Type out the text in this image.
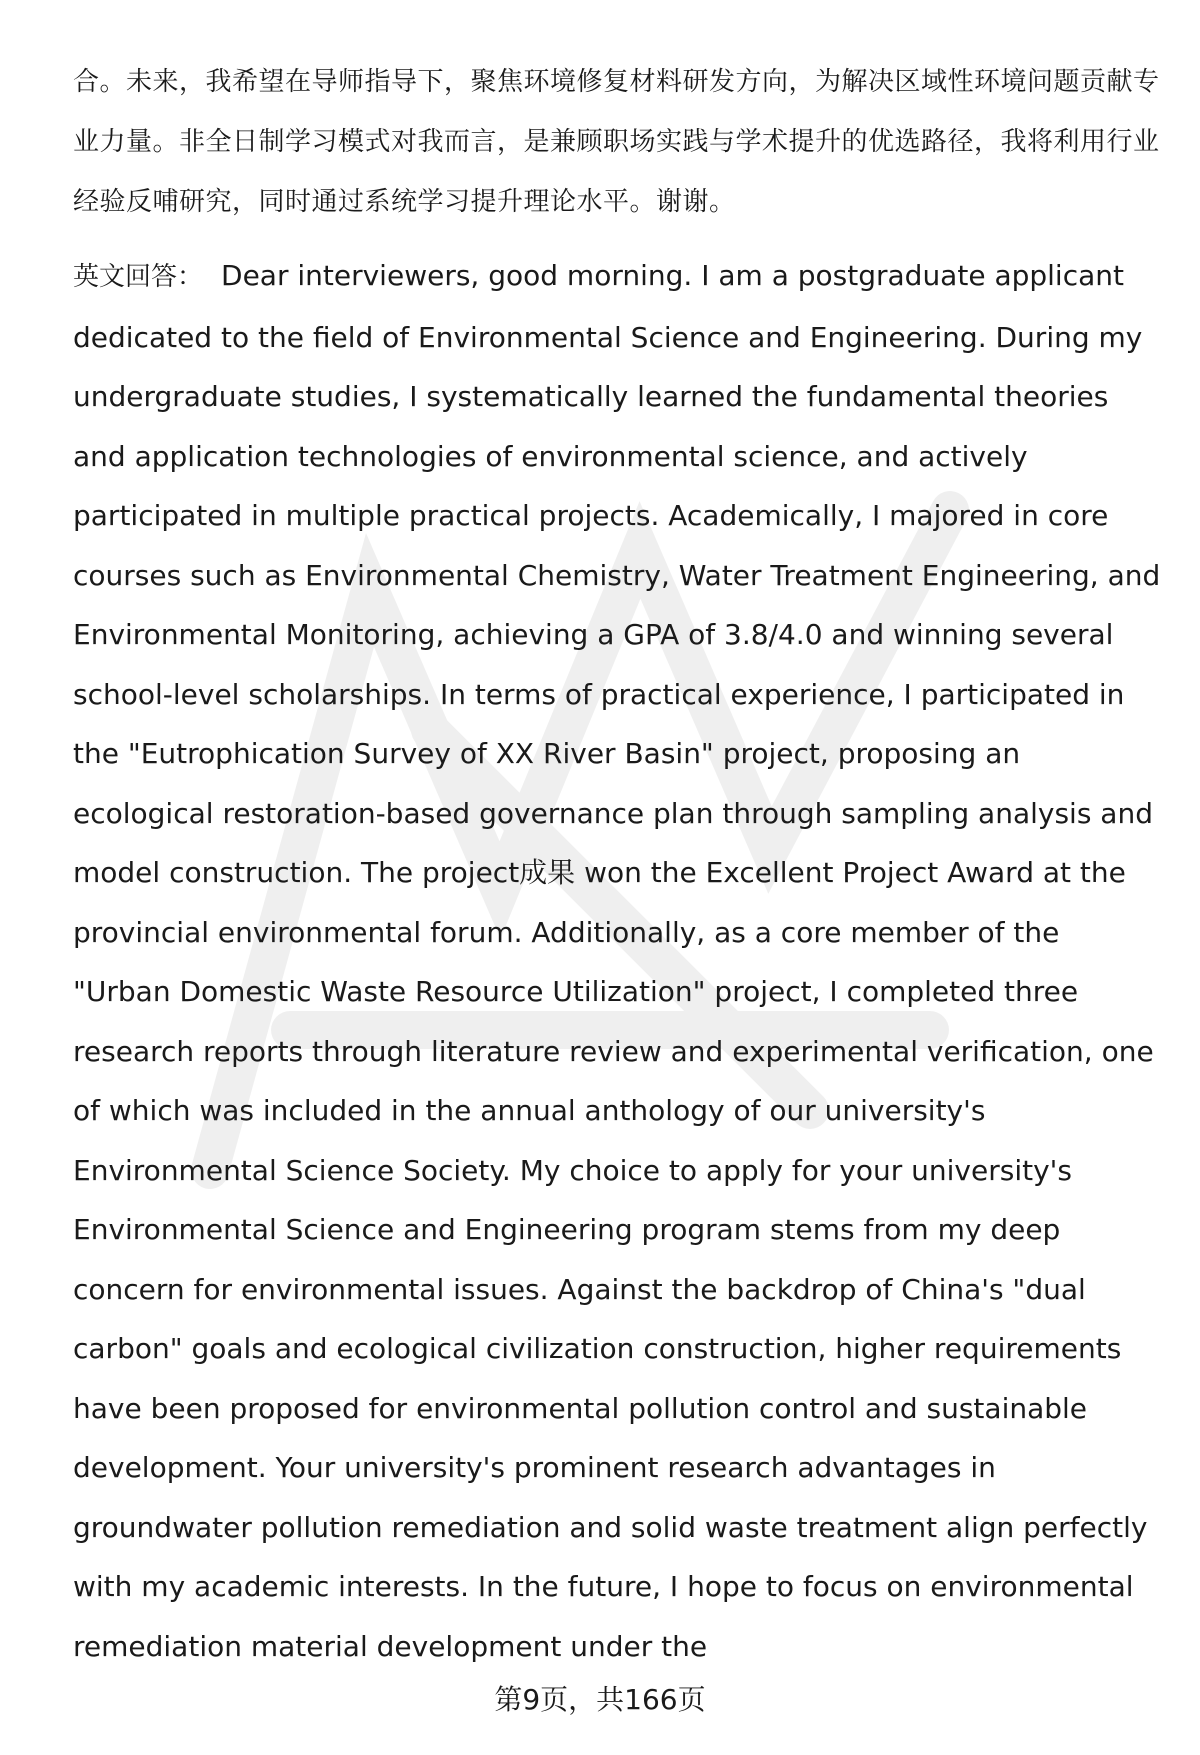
合。未来，我希望在导师指导下，聚焦环境修复材料研发方向，为解决区域性环境问题贡献专业力量。非全日制学习模式对我而言，是兼顾职场实践与学术提升的优选路径，我将利用行业经验反哺研究，同时通过系统学习提升理论水平。谢谢。

英文回答： Dear interviewers, good morning. I am a postgraduate applicant dedicated to the field of Environmental Science and Engineering. During my undergraduate studies, I systematically learned the fundamental theories and application technologies of environmental science, and actively participated in multiple practical projects. Academically, I majored in core courses such as Environmental Chemistry, Water Treatment Engineering, and Environmental Monitoring, achieving a GPA of 3.8/4.0 and winning several school-level scholarships. In terms of practical experience, I participated in the "Eutrophication Survey of XX River Basin" project, proposing an ecological restoration-based governance plan through sampling analysis and model construction. The project成果 won the Excellent Project Award at the provincial environmental forum. Additionally, as a core member of the "Urban Domestic Waste Resource Utilization" project, I completed three research reports through literature review and experimental verification, one of which was included in the annual anthology of our university's Environmental Science Society. My choice to apply for your university's Environmental Science and Engineering program stems from my deep concern for environmental issues. Against the backdrop of China's "dual carbon" goals and ecological civilization construction, higher requirements have been proposed for environmental pollution control and sustainable development. Your university's prominent research advantages in groundwater pollution remediation and solid waste treatment align perfectly with my academic interests. In the future, I hope to focus on environmental remediation material development under the

第9页，共166页
